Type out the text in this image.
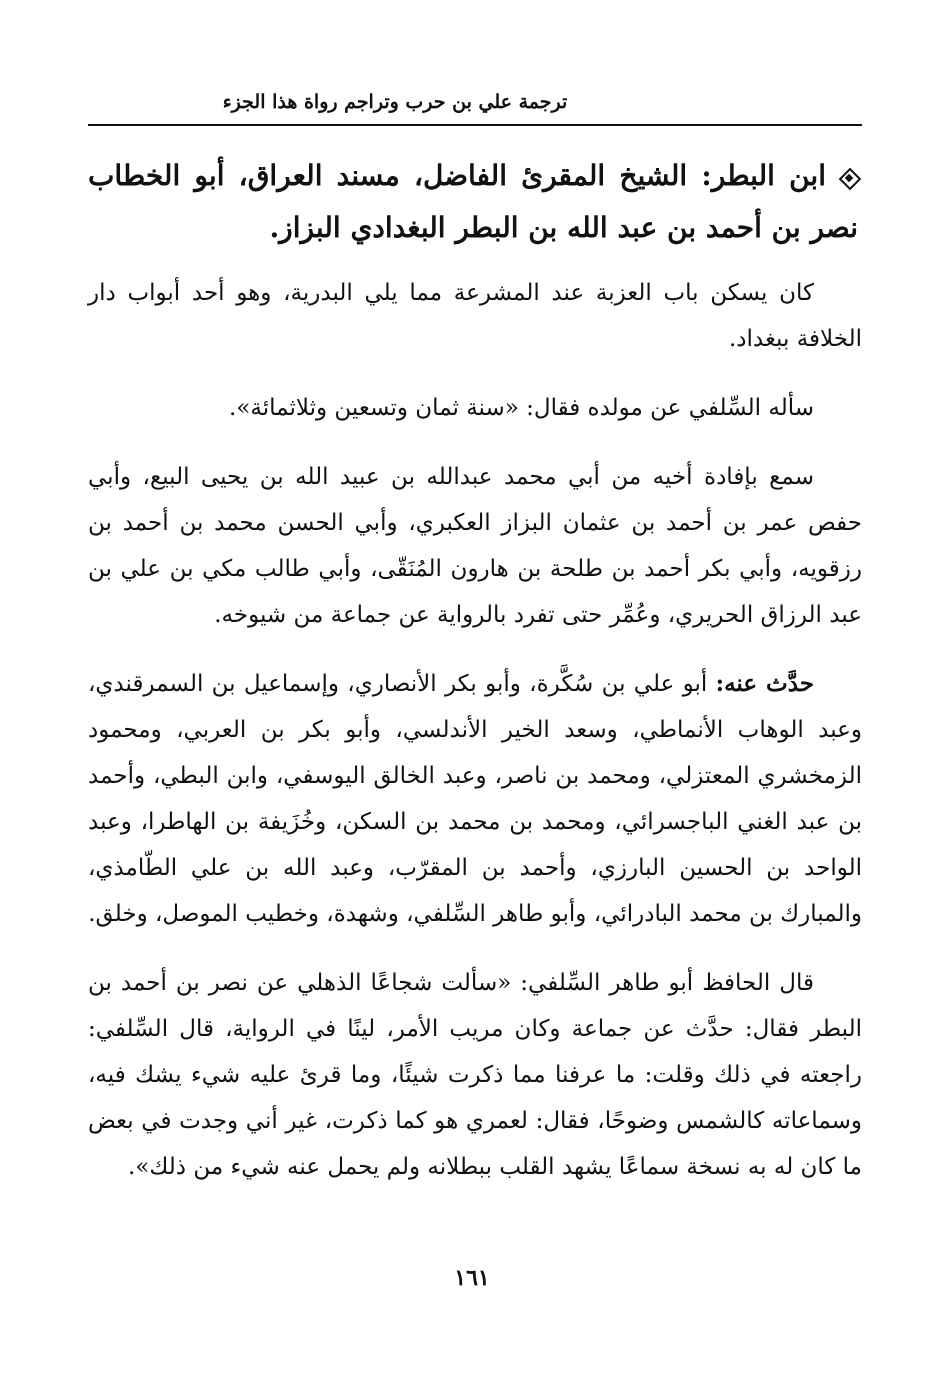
ترجمة علي بن حرب وتراجم رواة هذا الجزء
ابن البطر: الشيخ المقرئ الفاضل، مسند العراق، أبو الخطاب نصر بن أحمد بن عبد الله بن البطر البغدادي البزاز.

كان يسكن باب العزبة عند المشرعة مما يلي البدرية، وهو أحد أبواب دار الخلافة ببغداد.

سأله السِّلفي عن مولده فقال: «سنة ثمان وتسعين وثلاثمائة».

سمع بإفادة أخيه من أبي محمد عبدالله بن عبيد الله بن يحيى البيع، وأبي حفص عمر بن أحمد بن عثمان البزاز العكبري، وأبي الحسن محمد بن أحمد بن رزقويه، وأبي بكر أحمد بن طلحة بن هارون المُنَقّى، وأبي طالب مكي بن علي بن عبد الرزاق الحريري، وعُمِّر حتى تفرد بالرواية عن جماعة من شيوخه.

حدَّث عنه: أبو علي بن سُكَّرة، وأبو بكر الأنصاري، وإسماعيل بن السمرقندي، وعبد الوهاب الأنماطي، وسعد الخير الأندلسي، وأبو بكر بن العربي، ومحمود الزمخشري المعتزلي، ومحمد بن ناصر، وعبد الخالق اليوسفي، وابن البطي، وأحمد بن عبد الغني الباجسرائي، ومحمد بن محمد بن السكن، وخُزَيفة بن الهاطرا، وعبد الواحد بن الحسين البارزي، وأحمد بن المقرّب، وعبد الله بن علي الطّامذي، والمبارك بن محمد البادرائي، وأبو طاهر السِّلفي، وشهدة، وخطيب الموصل، وخلق.

قال الحافظ أبو طاهر السِّلفي: «سألت شجاعًا الذهلي عن نصر بن أحمد بن البطر فقال: حدَّث عن جماعة وكان مريب الأمر، لينًا في الرواية، قال السِّلفي: راجعته في ذلك وقلت: ما عرفنا مما ذكرت شيئًا، وما قرئ عليه شيء يشك فيه، وسماعاته كالشمس وضوحًا، فقال: لعمري هو كما ذكرت، غير أني وجدت في بعض ما كان له به نسخة سماعًا يشهد القلب ببطلانه ولم يحمل عنه شيء من ذلك».

١٦١
